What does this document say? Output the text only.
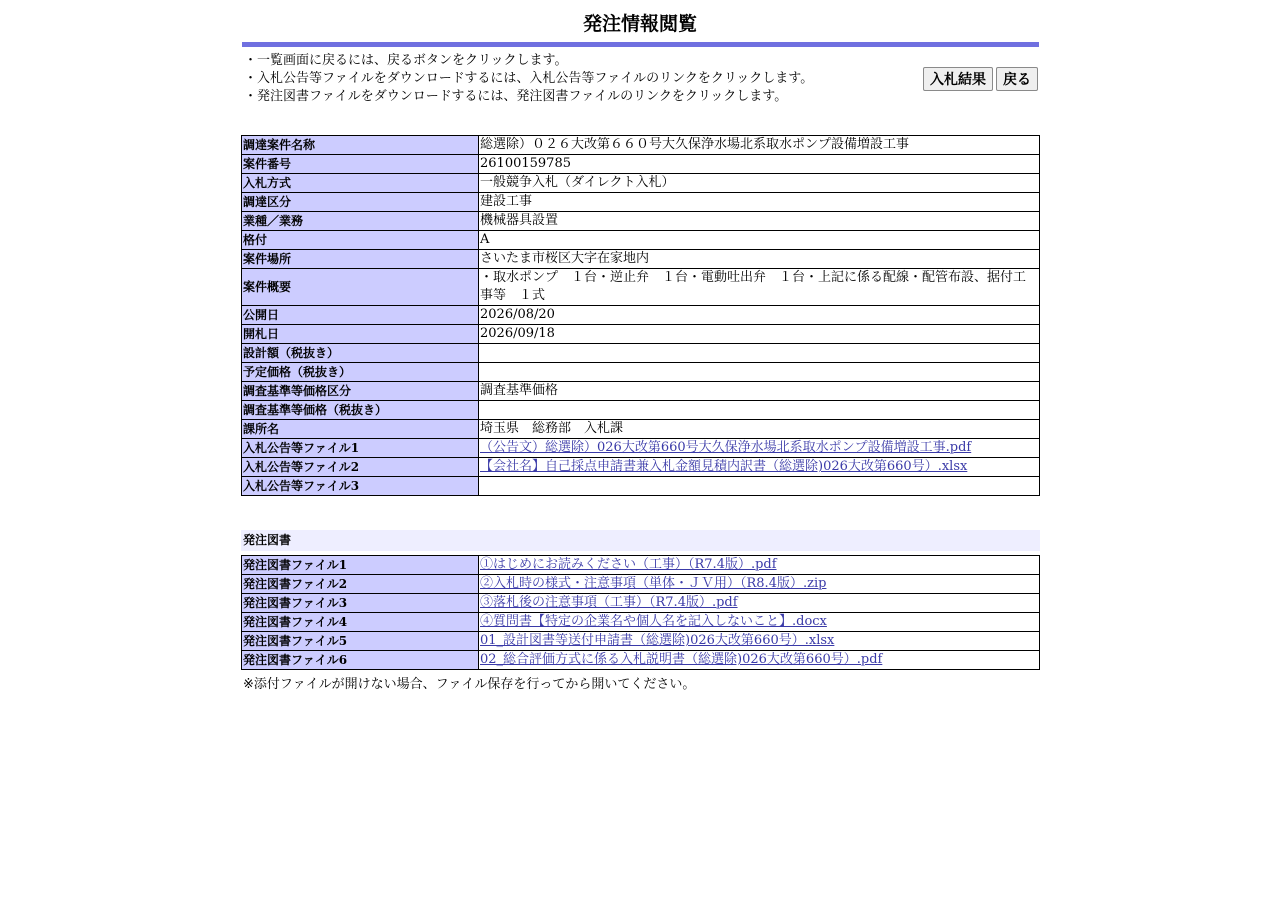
発注情報閲覧
・一覧画面に戻るには、戻るボタンをクリックします。
・入札公告等ファイルをダウンロードするには、入札公告等ファイルのリンクをクリックします。
・発注図書ファイルをダウンロードするには、発注図書ファイルのリンクをクリックします。
入札結果 戻る
調達案件名称	総選除）０２６大改第６６０号大久保浄水場北系取水ポンプ設備増設工事
案件番号	26100159785
入札方式	一般競争入札（ダイレクト入札）
調達区分	建設工事
業種／業務	機械器具設置
格付	A
案件場所	さいたま市桜区大字在家地内
案件概要	・取水ポンプ　１台・逆止弁　１台・電動吐出弁　１台・上記に係る配線・配管布設、据付工事等　１式
公開日	2026/08/20
開札日	2026/09/18
設計額（税抜き）	
予定価格（税抜き）	
調査基準等価格区分	調査基準価格
調査基準等価格（税抜き）	
課所名	埼玉県　総務部　入札課
入札公告等ファイル1	（公告文）総選除）026大改第660号大久保浄水場北系取水ポンプ設備増設工事.pdf
入札公告等ファイル2	【会社名】自己採点申請書兼入札金額見積内訳書（総選除)026大改第660号）.xlsx
入札公告等ファイル3	
発注図書
発注図書ファイル1	①はじめにお読みください（工事）（R7.4版）.pdf
発注図書ファイル2	②入札時の様式・注意事項（単体・ＪＶ用）（R8.4版）.zip
発注図書ファイル3	③落札後の注意事項（工事）（R7.4版）.pdf
発注図書ファイル4	④質問書【特定の企業名や個人名を記入しないこと】.docx
発注図書ファイル5	01_設計図書等送付申請書（総選除)026大改第660号）.xlsx
発注図書ファイル6	02_総合評価方式に係る入札説明書（総選除)026大改第660号）.pdf
※添付ファイルが開けない場合、ファイル保存を行ってから開いてください。
